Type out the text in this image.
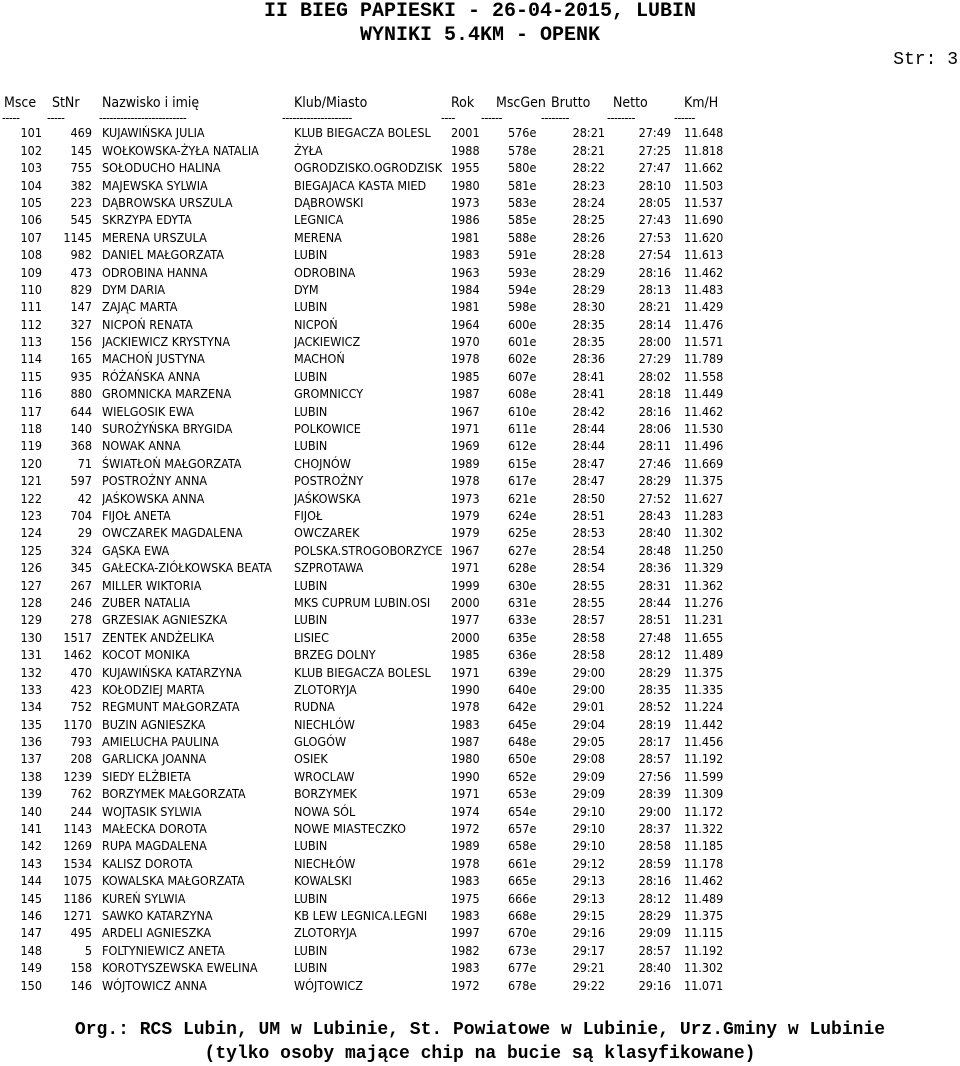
II BIEG PAPIESKI - 26-04-2015, LUBIN
WYNIKI 5.4KM - OPENK
Str: 3
Msce	StNr	Nazwisko i imię	Klub/Miasto	Rok	MscGen Brutto	Netto	Km/H
-----	-----	-------------------------	--------------------	----	------	--------	--------	------
101	469 KUJAWIŃSKA JULIA	KLUB BIEGACZA BOLESL	2001	576e	28:21	27:49 11.648
102	145 WOŁKOWSKA-ŻYŁA NATALIA	ŻYŁA	1988	578e	28:21	27:25 11.818
103	755 SOŁODUCHO HALINA	OGRODZISKO.OGRODZISK 1955	580e	28:22	27:47 11.662
104	382 MAJEWSKA SYLWIA	BIEGAJACA KASTA MIED	1980	581e	28:23	28:10 11.503
105	223 DĄBROWSKA URSZULA	DĄBROWSKI	1973	583e	28:24	28:05 11.537
106	545 SKRZYPA EDYTA	LEGNICA	1986	585e	28:25	27:43 11.690
107	1145 MERENA URSZULA	MERENA	1981	588e	28:26	27:53 11.620
108	982 DANIEL MAŁGORZATA	LUBIN	1983	591e	28:28	27:54 11.613
109	473 ODROBINA HANNA	ODROBINA	1963	593e	28:29	28:16 11.462
110	829 DYM DARIA	DYM	1984	594e	28:29	28:13 11.483
111	147 ZAJĄC MARTA	LUBIN	1981	598e	28:30	28:21 11.429
112	327 NICPOŃ RENATA	NICPOŃ	1964	600e	28:35	28:14 11.476
113	156 JACKIEWICZ KRYSTYNA	JACKIEWICZ	1970	601e	28:35	28:00 11.571
114	165 MACHOŃ JUSTYNA	MACHOŃ	1978	602e	28:36	27:29 11.789
115	935 RÓŻAŃSKA ANNA	LUBIN	1985	607e	28:41	28:02 11.558
116	880 GROMNICKA MARZENA	GROMNICCY	1987	608e	28:41	28:18 11.449
117	644 WIELGOSIK EWA	LUBIN	1967	610e	28:42	28:16 11.462
118	140 SUROŻYŃSKA BRYGIDA	POLKOWICE	1971	611e	28:44	28:06 11.530
119	368 NOWAK ANNA	LUBIN	1969	612e	28:44	28:11 11.496
120	71 ŚWIATŁOŃ MAŁGORZATA	CHOJNÓW	1989	615e	28:47	27:46 11.669
121	597 POSTROŻNY ANNA	POSTROŻNY	1978	617e	28:47	28:29 11.375
122	42 JAŚKOWSKA ANNA	JAŚKOWSKA	1973	621e	28:50	27:52 11.627
123	704 FIJOŁ ANETA	FIJOŁ	1979	624e	28:51	28:43 11.283
124	29 OWCZAREK MAGDALENA	OWCZAREK	1979	625e	28:53	28:40 11.302
125	324 GĄSKA EWA	POLSKA.STROGOBORZYCE 1967	627e	28:54	28:48 11.250
126	345 GAŁECKA-ZIÓŁKOWSKA BEATA	SZPROTAWA	1971	628e	28:54	28:36 11.329
127	267 MILLER WIKTORIA	LUBIN	1999	630e	28:55	28:31 11.362
128	246 ZUBER NATALIA	MKS CUPRUM LUBIN.OSI	2000	631e	28:55	28:44 11.276
129	278 GRZESIAK AGNIESZKA	LUBIN	1977	633e	28:57	28:51 11.231
130	1517 ZENTEK ANDŻELIKA	LISIEC	2000	635e	28:58	27:48 11.655
131	1462 KOCOT MONIKA	BRZEG DOLNY	1985	636e	28:58	28:12 11.489
132	470 KUJAWIŃSKA KATARZYNA	KLUB BIEGACZA BOLESL	1971	639e	29:00	28:29 11.375
133	423 KOŁODZIEJ MARTA	ZLOTORYJA	1990	640e	29:00	28:35 11.335
134	752 REGMUNT MAŁGORZATA	RUDNA	1978	642e	29:01	28:52 11.224
135	1170 BUZIN AGNIESZKA	NIECHLÓW	1983	645e	29:04	28:19 11.442
136	793 AMIELUCHA PAULINA	GLOGÓW	1987	648e	29:05	28:17 11.456
137	208 GARLICKA JOANNA	OSIEK	1980	650e	29:08	28:57 11.192
138	1239 SIEDY ELŻBIETA	WROCLAW	1990	652e	29:09	27:56 11.599
139	762 BORZYMEK MAŁGORZATA	BORZYMEK	1971	653e	29:09	28:39 11.309
140	244 WOJTASIK SYLWIA	NOWA SÓL	1974	654e	29:10	29:00 11.172
141	1143 MAŁECKA DOROTA	NOWE MIASTECZKO	1972	657e	29:10	28:37 11.322
142	1269 RUPA MAGDALENA	LUBIN	1989	658e	29:10	28:58 11.185
143	1534 KALISZ DOROTA	NIECHŁÓW	1978	661e	29:12	28:59 11.178
144	1075 KOWALSKA MAŁGORZATA	KOWALSKI	1983	665e	29:13	28:16 11.462
145	1186 KUREŃ SYLWIA	LUBIN	1975	666e	29:13	28:12 11.489
146	1271 SAWKO KATARZYNA	KB LEW LEGNICA.LEGNI	1983	668e	29:15	28:29 11.375
147	495 ARDELI AGNIESZKA	ZLOTORYJA	1997	670e	29:16	29:09 11.115
148	5 FOLTYNIEWICZ ANETA	LUBIN	1982	673e	29:17	28:57 11.192
149	158 KOROTYSZEWSKA EWELINA	LUBIN	1983	677e	29:21	28:40 11.302
150	146 WÓJTOWICZ ANNA	WÓJTOWICZ	1972	678e	29:22	29:16 11.071
Org.: RCS Lubin, UM w Lubinie, St. Powiatowe w Lubinie, Urz.Gminy w Lubinie
(tylko osoby mające chip na bucie są klasyfikowane)
